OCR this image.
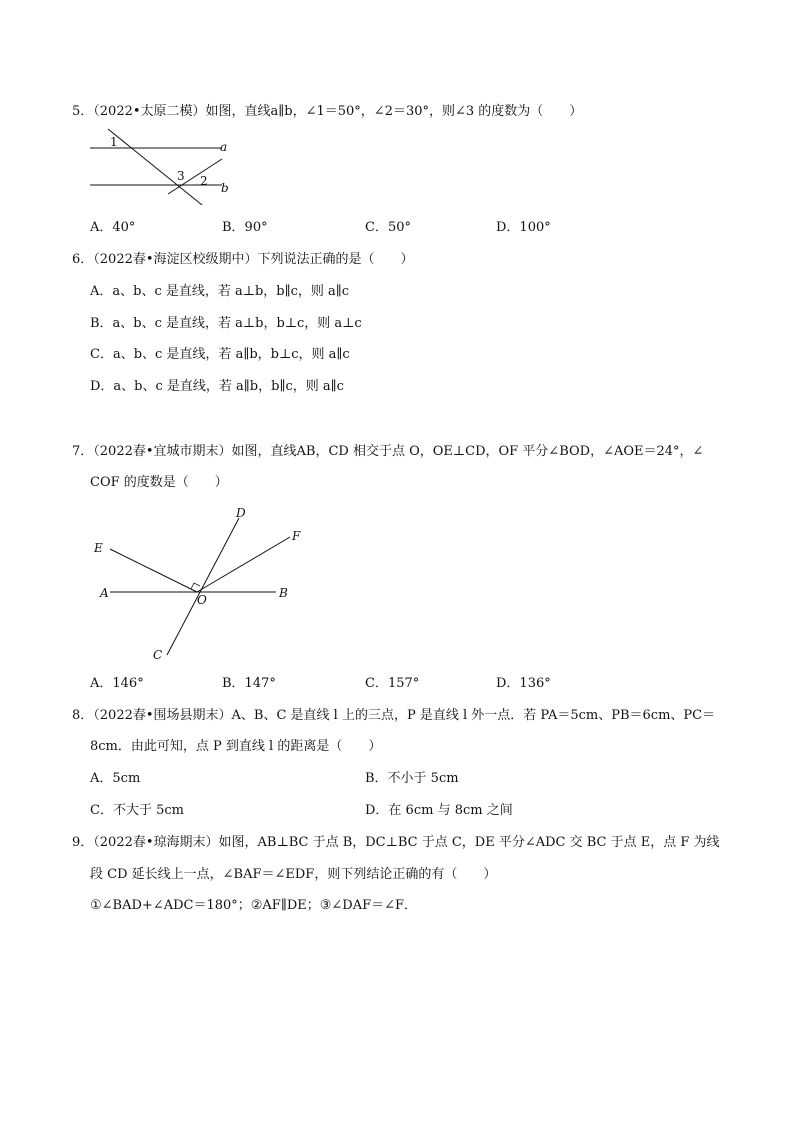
5．（2022•太原二模）如图，直线a∥b，∠1＝50°，∠2＝30°，则∠3 的度数为（　　）
1
3 2
a
b
A．40°	B．90°	C．50°	D．100°
6．（2022春•海淀区校级期中）下列说法正确的是（　　）
A．a、b、c 是直线，若 a⊥b，b∥c，则 a∥c
B．a、b、c 是直线，若 a⊥b，b⊥c，则 a⊥c
C．a、b、c 是直线，若 a∥b，b⊥c，则 a∥c
D．a、b、c 是直线，若 a∥b，b∥c，则 a∥c
7．（2022春•宜城市期末）如图，直线AB，CD 相交于点 O，OE⊥CD，OF 平分∠BOD，∠AOE＝24°，∠
COF 的度数是（　　）
D
F
E
A	O	B
C
A．146°	B．147°	C．157°	D．136°
8．（2022春•围场县期末）A、B、C 是直线 l 上的三点，P 是直线 l 外一点．若 PA＝5cm、PB＝6cm、PC＝
8cm．由此可知，点 P 到直线 l 的距离是（　　）
A．5cm	B．不小于 5cm
C．不大于 5cm	D．在 6cm 与 8cm 之间
9．（2022春•琼海期末）如图，AB⊥BC 于点 B，DC⊥BC 于点 C，DE 平分∠ADC 交 BC 于点 E，点 F 为线
段 CD 延长线上一点，∠BAF＝∠EDF，则下列结论正确的有（　　）
①∠BAD+∠ADC＝180°；②AF∥DE；③∠DAF＝∠F．
